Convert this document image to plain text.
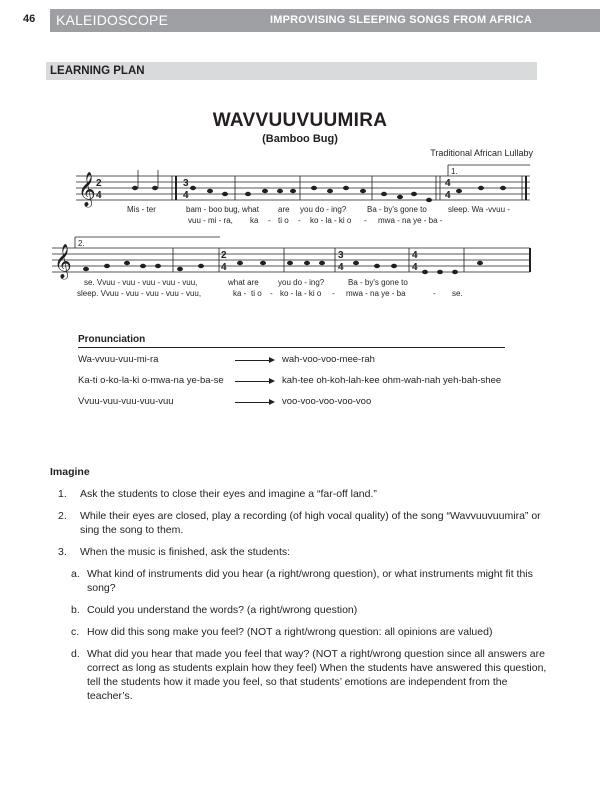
46 KALEIDOSCOPE	IMPROVISING SLEEPING SONGS FROM AFRICA
LEARNING PLAN
WAVVUUVUUMIRA
(Bamboo Bug)
Traditional African Lullaby
𝄞 2
4
3
4
4
4
1.
Mis - ter	bam - boo bug, what are you do - ing?	Ba - by's gone to	sleep. Wa -vvuu -
vuu - mi - ra, ka - ti o - ko - la - ki o - mwa - na ye - ba -
𝄞
2.
2
4
3
4
4
4
se. Vvuu - vuu - vuu - vuu - vuu,	what are you do - ing?	Ba - by's gone to
sleep. Vvuu - vuu - vuu - vuu - vuu,	ka - ti o - ko - la - ki o - mwa - na ye - ba	- se.
Pronunciation
Wa-vvuu-vuu-mi-ra	wah-voo-voo-mee-rah
Ka-ti o-ko-la-ki o-mwa-na ye-ba-se	kah-tee oh-koh-lah-kee ohm-wah-nah yeh-bah-shee
Vvuu-vuu-vuu-vuu-vuu	voo-voo-voo-voo-voo
Imagine
1. Ask the students to close their eyes and imagine a “far-off land.”
2. While their eyes are closed, play a recording (of high vocal quality) of the song “Wavvuuvuumira” or sing the song to them.
3. When the music is finished, ask the students:
a. What kind of instruments did you hear (a right/wrong question), or what instruments might fit this song?
b. Could you understand the words? (a right/wrong question)
c. How did this song make you feel? (NOT a right/wrong question: all opinions are valued)
d. What did you hear that made you feel that way? (NOT a right/wrong question since all answers are correct as long as students explain how they feel) When the students have answered this question, tell the students how it made you feel, so that students’ emotions are independent from the teacher’s.
